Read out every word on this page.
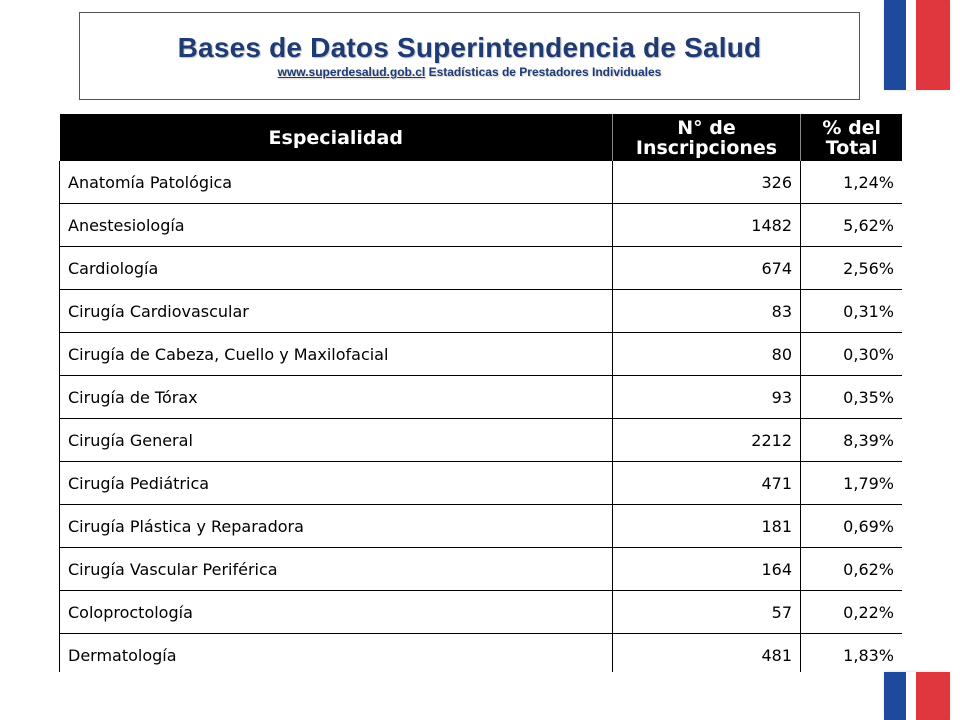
Bases de Datos Superintendencia de Salud
www.superdesalud.gob.cl Estadísticas de Prestadores Individuales
Especialidad	N° de Inscripciones	% del Total
Anatomía Patológica	326	1,24%
Anestesiología	1482	5,62%
Cardiología	674	2,56%
Cirugía Cardiovascular	83	0,31%
Cirugía de Cabeza, Cuello y Maxilofacial	80	0,30%
Cirugía de Tórax	93	0,35%
Cirugía General	2212	8,39%
Cirugía Pediátrica	471	1,79%
Cirugía Plástica y Reparadora	181	0,69%
Cirugía Vascular Periférica	164	0,62%
Coloproctología	57	0,22%
Dermatología	481	1,83%
